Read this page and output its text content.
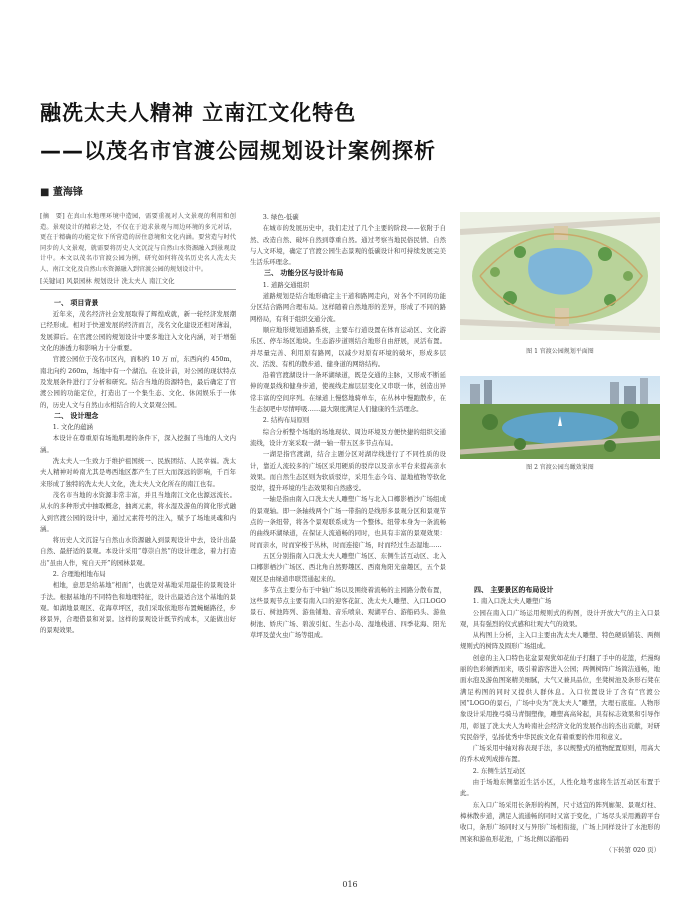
融冼太夫人精神 立南江文化特色
——以茂名市官渡公园规划设计案例探析
■ 董海锋

[摘　要] 在真山水地理环境中造园，需要重视对人文景观的利用和创造。景观设计的精彩之处，不仅在于追求景观与周边环境的多元对话，更在于精确的功能定位下所营造的居住意境和文化内涵。要营造与时代同步的人文景观，就需要将历史人文沉淀与自然山水资源融入到景观设计中。本文以茂名市官渡公园为例，研究如何将茂名历史名人冼太夫人、南江文化及自然山水资源融入到官渡公园的规划设计中。

[关键词] 风景园林 规划设计 冼太夫人 南江文化

一、 项目背景

近年来，茂名经济社会发展取得了辉煌成就，新一轮经济发展潮已经形成。相对于快速发展的经济而言，茂名文化建设还相对薄弱，发展滞后。在官渡公园的规划设计中要多地注入文化内涵，对于增强文化的渗透力和影响力十分重要。

官渡公园位于茂名市区内，面积约 10 万 ㎡，东西向约 450m，南北向约 260m，场地中有一个湖泊。在设计前，对公园的现状特点及发展条件进行了分析和研究。结合当地的资源特色，最后确定了官渡公园的功能定位，打造出了一个集生态、文化、休闲娱乐于一体的，历史人文与自然山水相结合的人文景观公园。

二、 设计理念

1. 文化的蕴涵

本设计在尊重原有场地肌理的条件下，深入挖掘了当地的人文内涵。

冼太夫人一生致力于维护祖国统一、民族团结、人民幸福。冼太夫人精神对岭南尤其是粤西地区都产生了巨大而深远的影响，千百年来形成了独特的冼太夫人文化，冼太夫人文化所在的南江也有。

茂名市当地的水资源非常丰富，并且当地南江文化也源远流长。从水的多种形式中抽取概念，抽离元素，将水湿及游鱼的简化形式融入到官渡公园的设计中，通过元素符号的注入，赋予了场地灵魂和内涵。

将历史人文沉淀与自然山水资源融入到景观设计中去，设计出最自然、最舒适的景观。本设计采用“尊崇自然”的设计理念，着力打造出“虽由人作，宛自天开”的园林景观。

2. 合理地相地布局

相地，意思是给基地“相面”，也就是对基地采用最佳的景观设计手法。根据基地的不同特色和地理特征，设计出最适合这个基地的景观。如湖地景观区、花海草坪区，我们采取依地形布置蜿蜒路径，步移景异，合理借景和对景。这样的景观设计既节约成本，又能做出好的景观效果。

3. 绿色-低碳

在城市的发展历史中，我们走过了几个主要的阶段——依附于自然、改造自然、破坏自然到尊重自然。通过考察当地民俗民情、自然与人文环境，确定了官渡公园生态景观的低碳设计和可持续发展完美生活乐环理念。

三、 功能分区与设计布局

1. 道路交通组织

道路规划是结合地形确定主干道和路网走向，对各个不同的功能分区结合路网合理布局。这样随着自然地形的差异，形成了不同的路网格局，有利于组织交通分流。

顺应地形规划道路系统，主要车行道设置在体育运动区、文化游乐区、停车场区地块。生态游步道则结合地形自由舒展，灵活布置。并尽量完善、利用原有路网，以减少对原有环境的破坏，形成多层次、活泼、有机的散步道、健身道的网络结构。

沿着官渡湖设计一条环湖绿道，既是交通的主脉，又形成不断延伸的观景线和健身步道，使视线走廊层层变化又串联一体，创造出异常丰富的空间序列。在绿道上慢悠地骑单车，在丛林中慢跑散步，在生态氛吧中尽情呼吸……最大限度满足人们健康的生活理念。

2. 结构布局原则

综合分析整个场地的场地现状、周边环境及方便快捷的组织交通流线，设计方案采取一湖一轴一带五区多节点布局。

一湖是指官渡湖，结合主题分区对湖岸线进行了不同性质的设计，靠近人流较多的广场区采用硬质的驳岸以及亲水平台来提高亲水效果。而自然生态区则为软质驳岸，采用生态今岛、湿地植物等软化驳岸，提升环境的生态效果和自然感受。

一轴是指由南入口冼太夫人雕塑广场与北入口椰影栖沙广场组成的景观轴。即一条轴线两个广场一带指的是线形多景观分区和景观节点的一条纽带，将各个景观联系成为一个整体。纽带本身为一条流畅的曲线环湖绿道，在保证人流通畅的同时，也具有丰富的景观效果：时而亲水，时而穿梭于丛林，时而连接广场，时而经过生态湿地……

五区分别指南入口冼太夫人雕塑广场区、东侧生活互动区、北入口椰影栖沙广场区、西北角自然野趣区、西南角阳光童趣区，五个景观区是由绿道串联贯通起来的。

多节点主要分布于中轴广场以及围绕着流畅的主园路分散布置，这些景观节点主要有南入口的迎客花缸、冼太夫人雕塑、入口LOGO景石、树池阵列、游鱼铺地、音乐喷泉、观湖平台、游船码头、游鱼树池、娇庆广场、碧波引虹、生态小岛、湿地栈道、四季花海、阳光草坪及萤火虫广场等组成。

图 1 官渡公园规划平面图
图 2 官渡公园鸟瞰效果图

四、 主要景区的布局设计

1. 南入口冼太夫人雕塑广场

公园在南入口广场运用规则式的构图，设计开放大气的主入口景观，具有强烈的仪式感和壮观大气的效果。

从构图上分析，主入口主要由冼太夫人雕塑、特色硬质铺装、两侧规则式的树阵及圆形广场组成。

创意的主入口特色花盆景观犹如花仙子打翻了手中的花篮，烂漫绚丽的色彩倾洒而来，吸引着游客进入公园；两侧树阵广场简洁通畅，地面水泡及游鱼图案精美细腻，大气又兼具品位，坐凳树池及条形石凳在满足构图的同时又提供人群休息。入口位置设计了含有“官渡公园”LOGO的景石，广场中央为“冼太夫人”雕塑，大理石底座。人物形象设计采用挽弓骑马青铜塑像，雕塑高高耸起，具有标志效果和引导作用，彰显了冼太夫人为岭南社会经济文化的发展作出的杰出贡献，对研究民俗学，弘扬优秀中华民族文化有着重要的作用和意义。

广场采用中轴对称表现手法，多以规整式的植物配置原则，用高大的乔木成列成排布置。

2. 东侧生活互动区

由于场地东侧靠近生活小区，人性化地考虑将生活互动区布置于此。

东入口广场采用长条形的构图，尺寸适宜的阵列廊架、景观灯柱、樟林散步道，满足人流通畅的同时又富于变化，广场尽头采用溅碧平台收口，条形广场同时又与异形广场相衔接，广场上同样设计了水池形的图案和游鱼形花池，广场北侧以游船码

（下转第 020 页）

016
